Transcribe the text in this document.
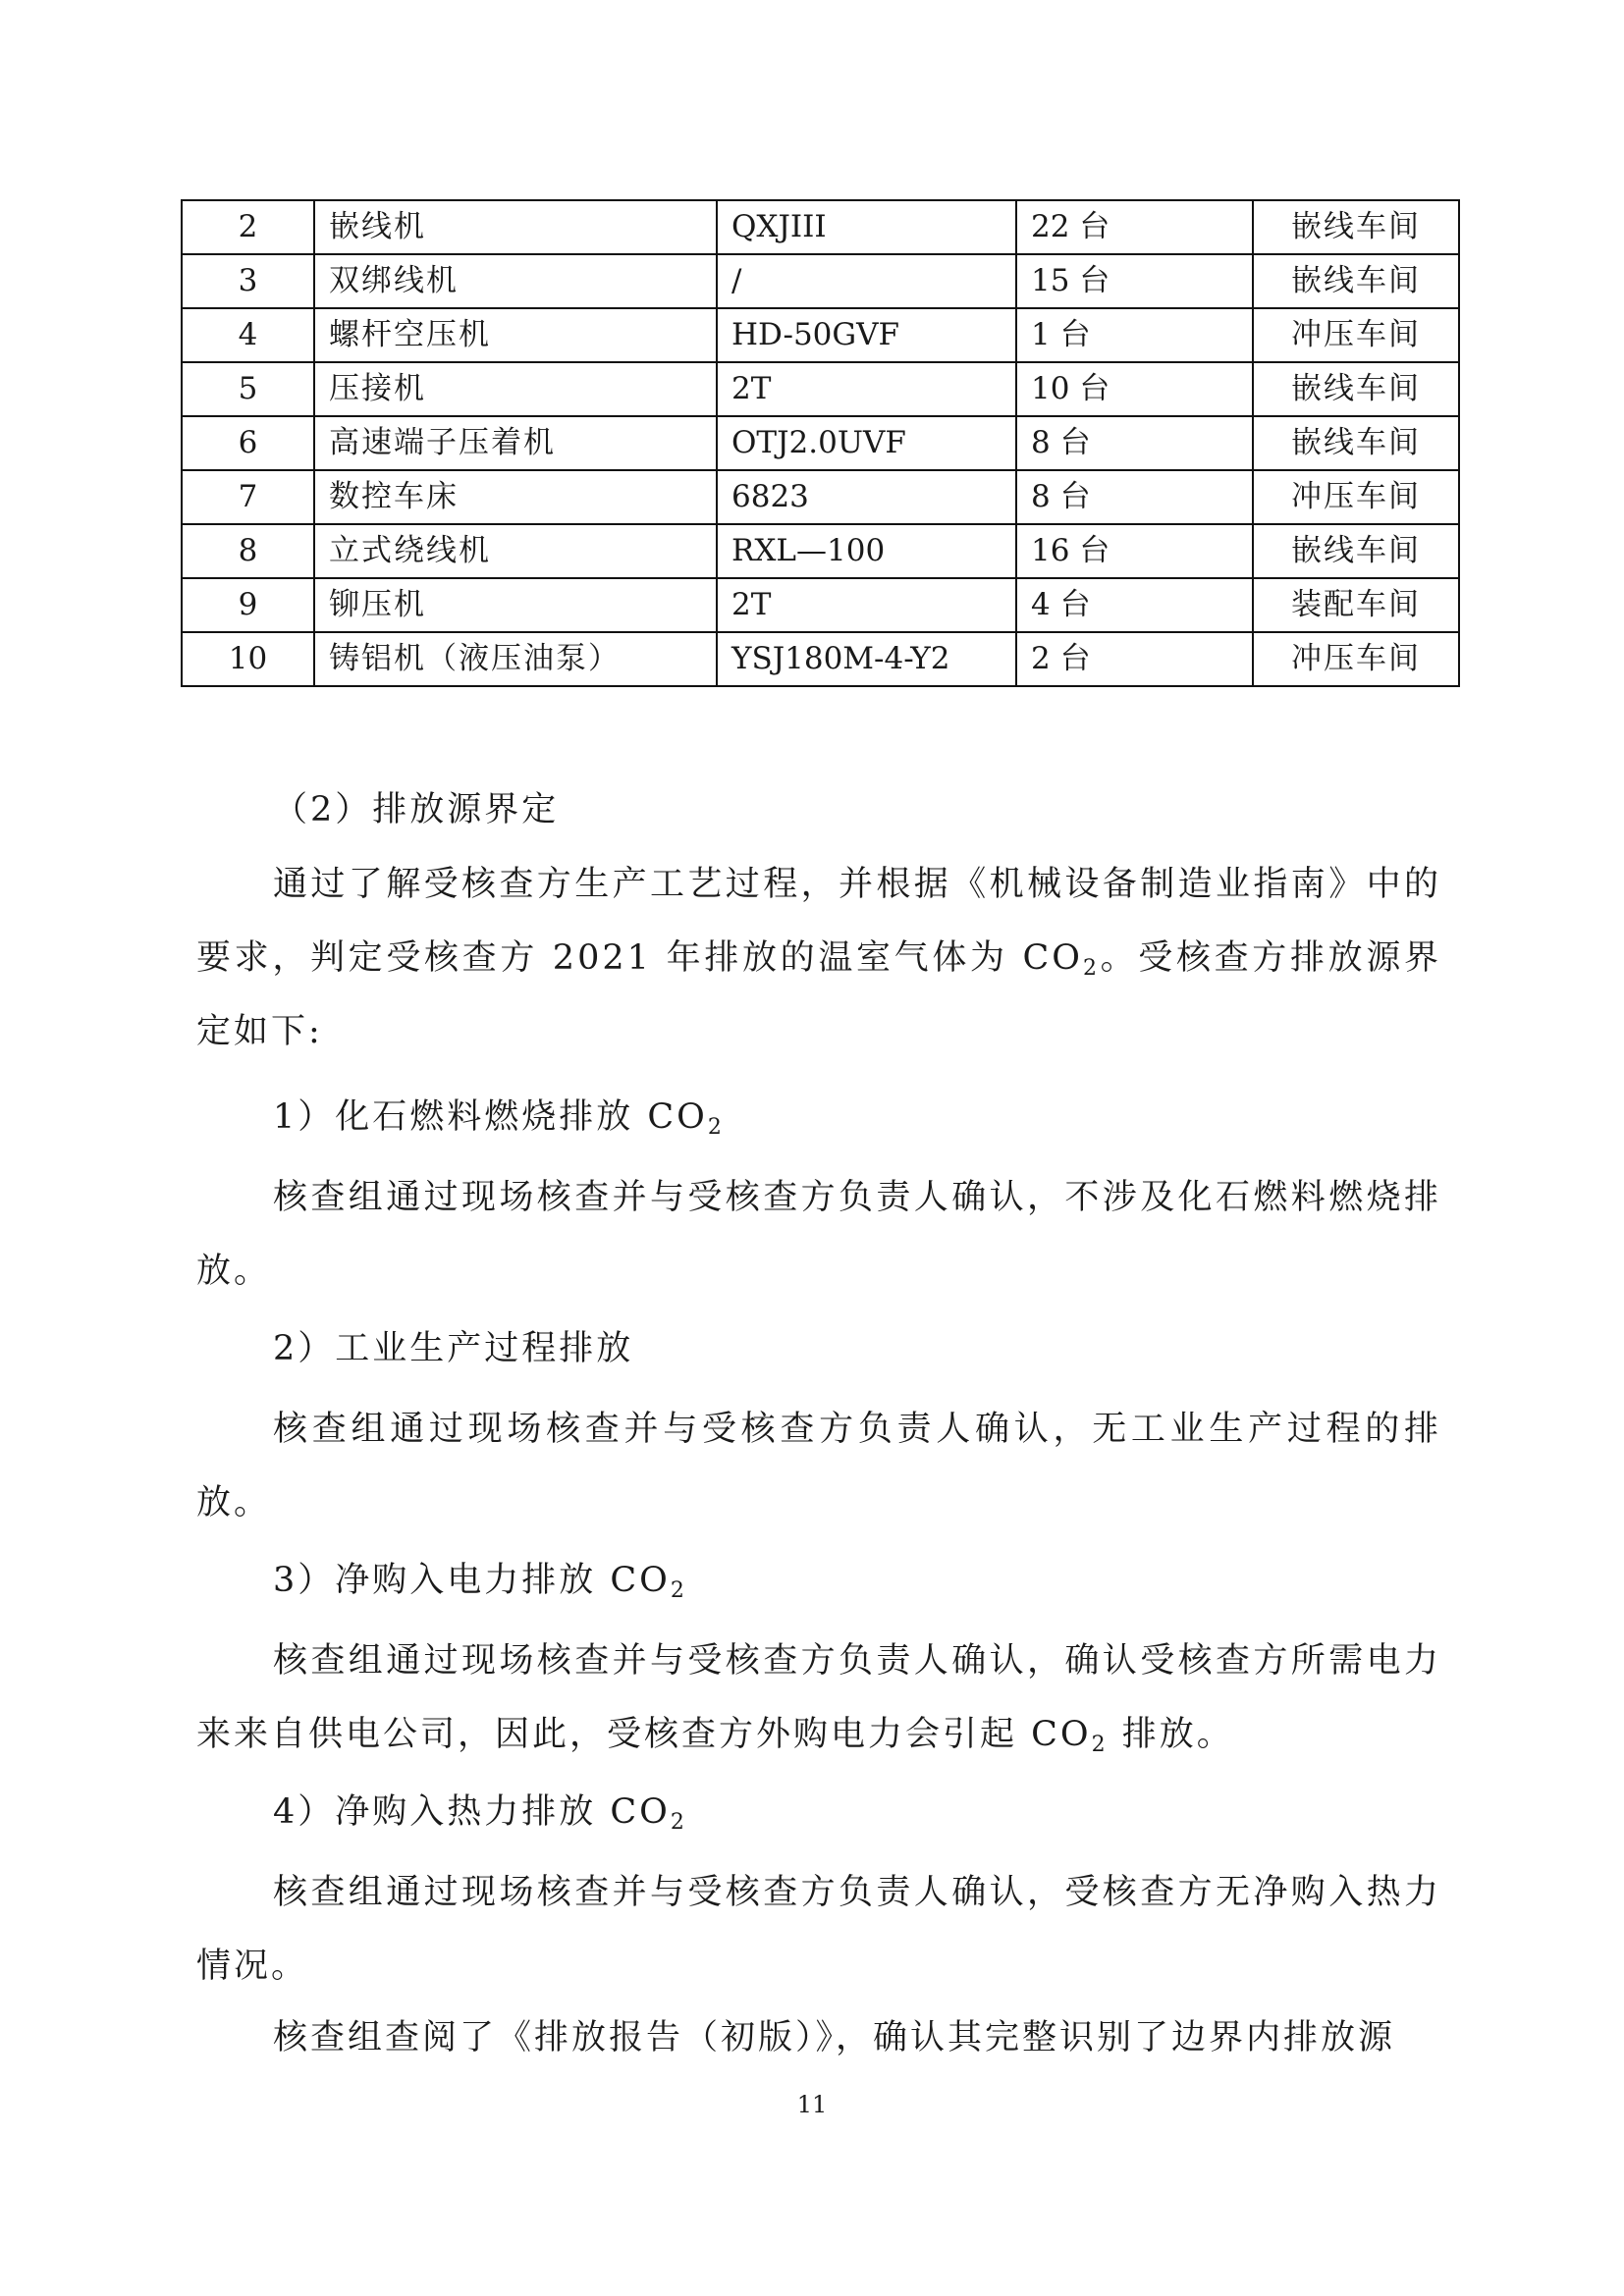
2	嵌线机	QXJIII	22 台	嵌线车间
3	双绑线机	/	15 台	嵌线车间
4	螺杆空压机	HD-50GVF	1 台	冲压车间
5	压接机	2T	10 台	嵌线车间
6	高速端子压着机	OTJ2.0UVF	8 台	嵌线车间
7	数控车床	6823	8 台	冲压车间
8	立式绕线机	RXL—100	16 台	嵌线车间
9	铆压机	2T	4 台	装配车间
10	铸铝机（液压油泵）	YSJ180M-4-Y2	2 台	冲压车间

（2）排放源界定

通过了解受核查方生产工艺过程，并根据《机械设备制造业指南》中的要求，判定受核查方 2021 年排放的温室气体为 $CO_2$。受核查方排放源界定如下:

1）化石燃料燃烧排放 $CO_2$

核查组通过现场核查并与受核查方负责人确认，不涉及化石燃料燃烧排放。

2）工业生产过程排放

核查组通过现场核查并与受核查方负责人确认，无工业生产过程的排放。

3）净购入电力排放 $CO_2$

核查组通过现场核查并与受核查方负责人确认，确认受核查方所需电力来来自供电公司，因此，受核查方外购电力会引起 $CO_2$ 排放。

4）净购入热力排放 $CO_2$

核查组通过现场核查并与受核查方负责人确认，受核查方无净购入热力情况。

核查组查阅了《排放报告（初版）》，确认其完整识别了边界内排放源

11
